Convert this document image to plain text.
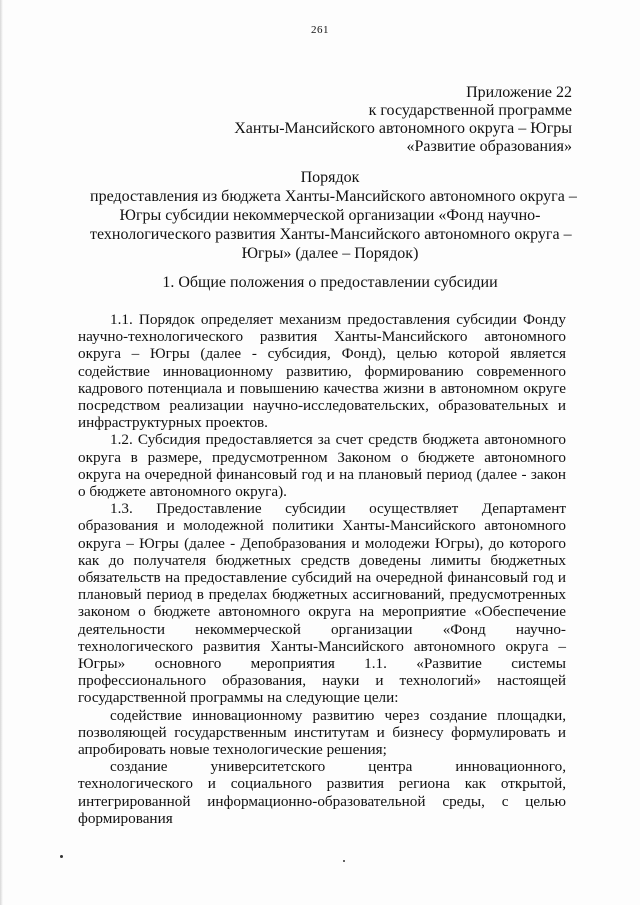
261
Приложение 22
к государственной программе
Ханты-Мансийского автономного округа – Югры
«Развитие образования»
Порядок
предоставления из бюджета Ханты-Мансийского автономного округа –
Югры субсидии некоммерческой организации «Фонд научно-
технологического развития Ханты-Мансийского автономного округа –
Югры» (далее – Порядок)
1. Общие положения о предоставлении субсидии

1.1. Порядок определяет механизм предоставления субсидии Фонду научно-технологического развития Ханты-Мансийского автономного округа – Югры (далее - субсидия, Фонд), целью которой является содействие инновационному развитию, формированию современного кадрового потенциала и повышению качества жизни в автономном округе посредством реализации научно-исследовательских, образовательных и инфраструктурных проектов.

1.2. Субсидия предоставляется за счет средств бюджета автономного округа в размере, предусмотренном Законом о бюджете автономного округа на очередной финансовый год и на плановый период (далее - закон о бюджете автономного округа).

1.3. Предоставление субсидии осуществляет Департамент образования и молодежной политики Ханты-Мансийского автономного округа – Югры (далее - Депобразования и молодежи Югры), до которого как до получателя бюджетных средств доведены лимиты бюджетных обязательств на предоставление субсидий на очередной финансовый год и плановый период в пределах бюджетных ассигнований, предусмотренных законом о бюджете автономного округа на мероприятие «Обеспечение деятельности некоммерческой организации «Фонд научно-технологического развития Ханты-Мансийского автономного округа – Югры» основного мероприятия 1.1. «Развитие системы профессионального образования, науки и технологий» настоящей государственной программы на следующие цели:

содействие инновационному развитию через создание площадки, позволяющей государственным институтам и бизнесу формулировать и апробировать новые технологические решения;

создание университетского центра инновационного, технологического и социального развития региона как открытой, интегрированной информационно-образовательной среды, с целью формирования
